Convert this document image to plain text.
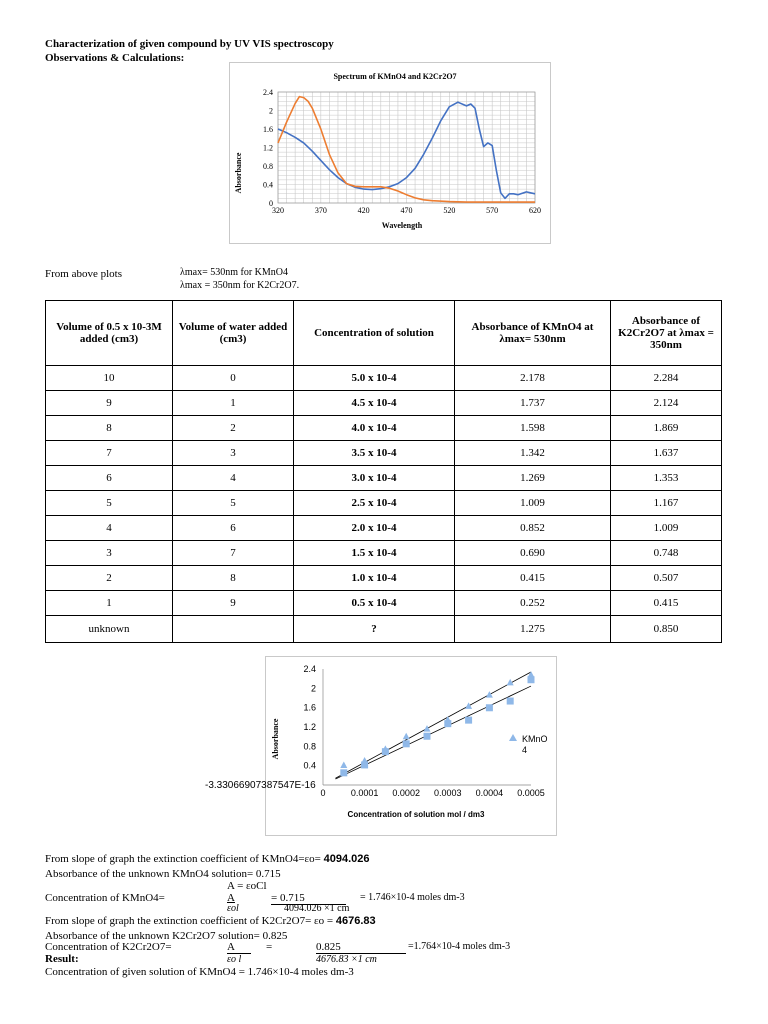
Characterization of given compound by UV VIS spectroscopy
Observations & Calculations:
Spectrum of KMnO4 and K2Cr2O7
Absorbance
Wavelength
320	370	420	470	520	570	620
0
0.4
0.8
1.2
1.6
2
2.4
From above plots	λmax= 530nm for KMnO4
λmax = 350nm for K2Cr2O7.
Volume of 0.5 x 10-3M added (cm3)	Volume of water added (cm3)	Concentration of solution	Absorbance of KMnO4 at λmax= 530nm	Absorbance of K2Cr2O7 at λmax = 350nm
10	0	5.0 x 10-4	2.178	2.284
9	1	4.5 x 10-4	1.737	2.124
8	2	4.0 x 10-4	1.598	1.869
7	3	3.5 x 10-4	1.342	1.637
6	4	3.0 x 10-4	1.269	1.353
5	5	2.5 x 10-4	1.009	1.167
4	6	2.0 x 10-4	0.852	1.009
3	7	1.5 x 10-4	0.690	0.748
2	8	1.0 x 10-4	0.415	0.507
1	9	0.5 x 10-4	0.252	0.415
unknown		?	1.275	0.850
Absorbance
Concentration of solution mol / dm3
0	0.0001 0.0002 0.0003 0.0004 0.0005
0.4
0.8
1.2
1.6
2
2.4
KMnO
4
-3.33066907387547E-16
From slope of graph the extinction coefficient of KMnO4=εo= 4094.026
Absorbance of the unknown KMnO4 solution= 0.715
A = εoCl
Concentration of KMnO4=	A	= 0.715	= 1.746×10-4 moles dm-3
εol	4094.026 ×1 cm
From slope of graph the extinction coefficient of K2Cr2O7= εo = 4676.83
Absorbance of the unknown K2Cr2O7 solution= 0.825
Concentration of K2Cr2O7=	A	=	0.825	=1.764×10-4 moles dm-3
Result:	εo l	4676.83 ×1 cm
Concentration of given solution of KMnO4 = 1.746×10-4 moles dm-3
